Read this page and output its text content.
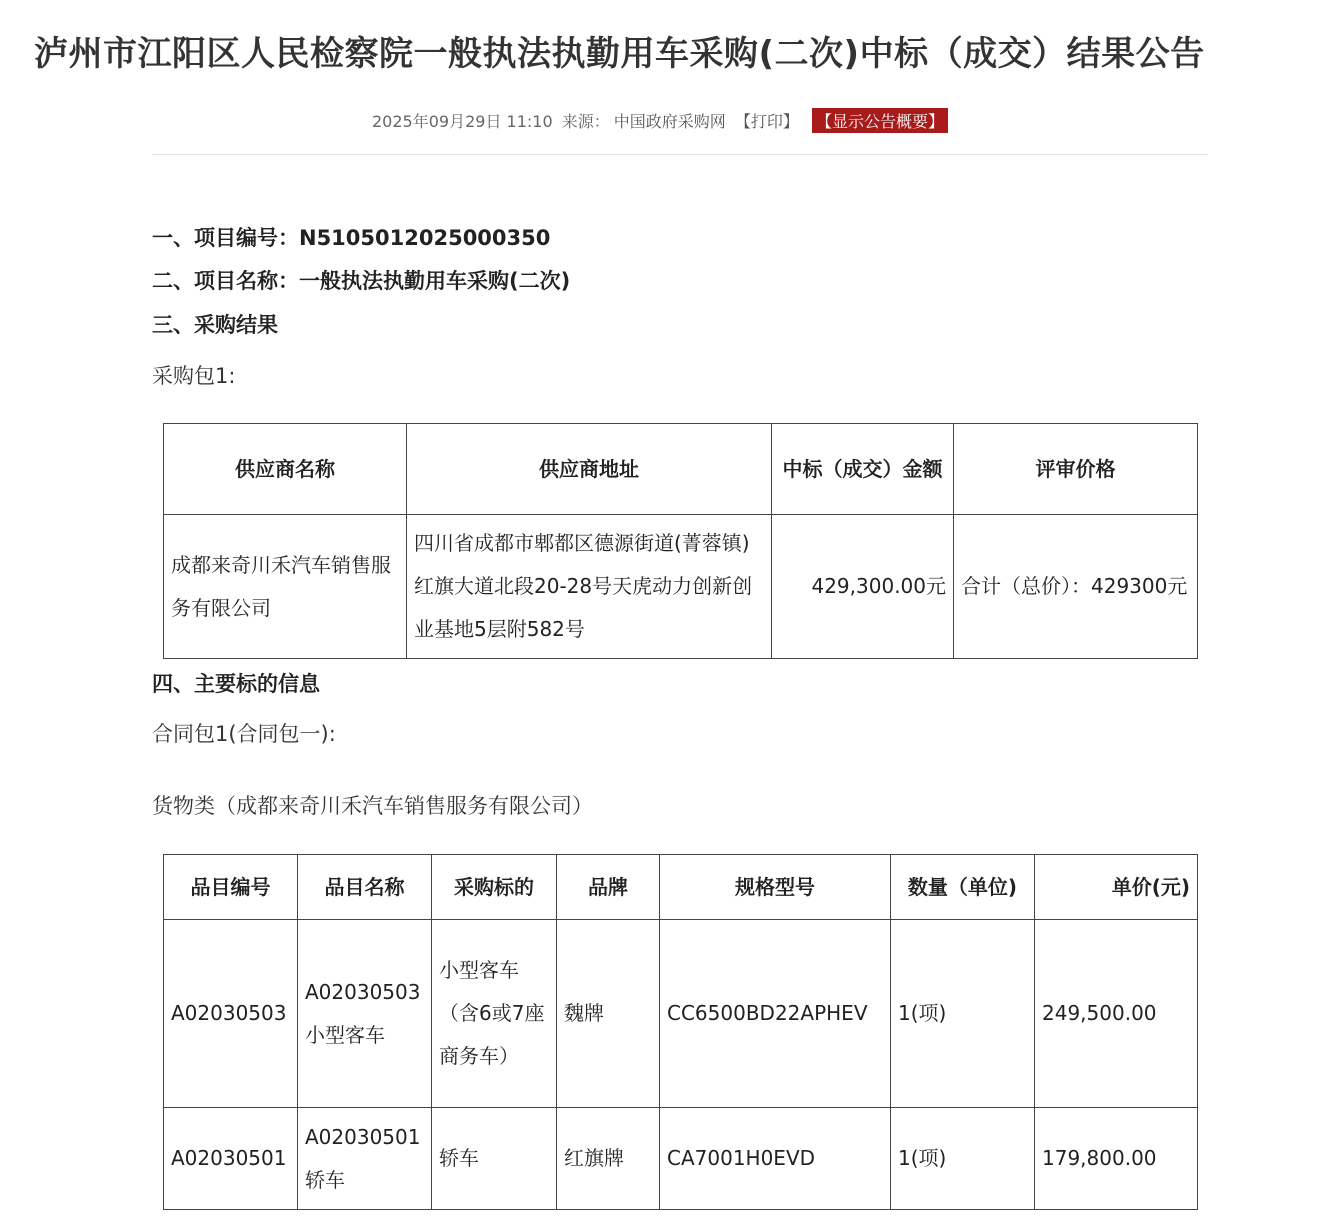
泸州市江阳区人民检察院一般执法执勤用车采购(二次)中标（成交）结果公告
2025年09月29日 11:10 来源： 中国政府采购网 【打印】 【显示公告概要】
一、项目编号：N5105012025000350
二、项目名称：一般执法执勤用车采购(二次)
三、采购结果
采购包1:
供应商名称	供应商地址	中标（成交）金额	评审价格
成都来奇川禾汽车销售服务有限公司	四川省成都市郫都区德源街道(菁蓉镇) 红旗大道北段20-28号天虎动力创新创业基地5层附582号	429,300.00元	合计（总价）：429300元
四、主要标的信息
合同包1(合同包一):
货物类（成都来奇川禾汽车销售服务有限公司）
品目编号	品目名称	采购标的	品牌	规格型号	数量（单位)	单价(元)
A02030503	A02030503小型客车	小型客车（含6或7座商务车）	魏牌	CC6500BD22APHEV	1(项)	249,500.00
A02030501	A02030501轿车	轿车	红旗牌	CA7001H0EVD	1(项)	179,800.00
